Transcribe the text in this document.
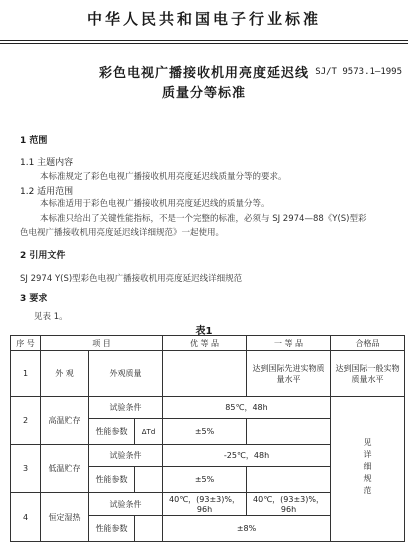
中华人民共和国电子行业标准
SJ/T 9573.1—1995
彩色电视广播接收机用亮度延迟线
质量分等标准
1 范围
1.1 主题内容
本标准规定了彩色电视广播接收机用亮度延迟线质量分等的要求。
1.2 适用范围
本标准适用于彩色电视广播接收机用亮度延迟线的质量分等。
本标准只给出了关键性能指标，不是一个完整的标准，必须与 SJ 2974—88《Y(S)型彩
色电视广播接收机用亮度延迟线详细规范》一起使用。
2 引用文件
SJ 2974 Y(S)型彩色电视广播接收机用亮度延迟线详细规范
3 要求
见表 1。
表1
序 号	项 目			优 等 品	一 等 品	合格品
1	外 观	外观质量			达到国际先进实物质量水平	达到国际一般实物质量水平
2	高温贮存	试验条件		85℃，48h		见详细规范
		性能参数	ΔTd	±5%		
3	低温贮存	试验条件		-25℃，48h		
		性能参数		±5%		
4	恒定湿热	试验条件		40℃，(93±3)%，96h	40℃，(93±3)%，96h	
		性能参数		±8%		
